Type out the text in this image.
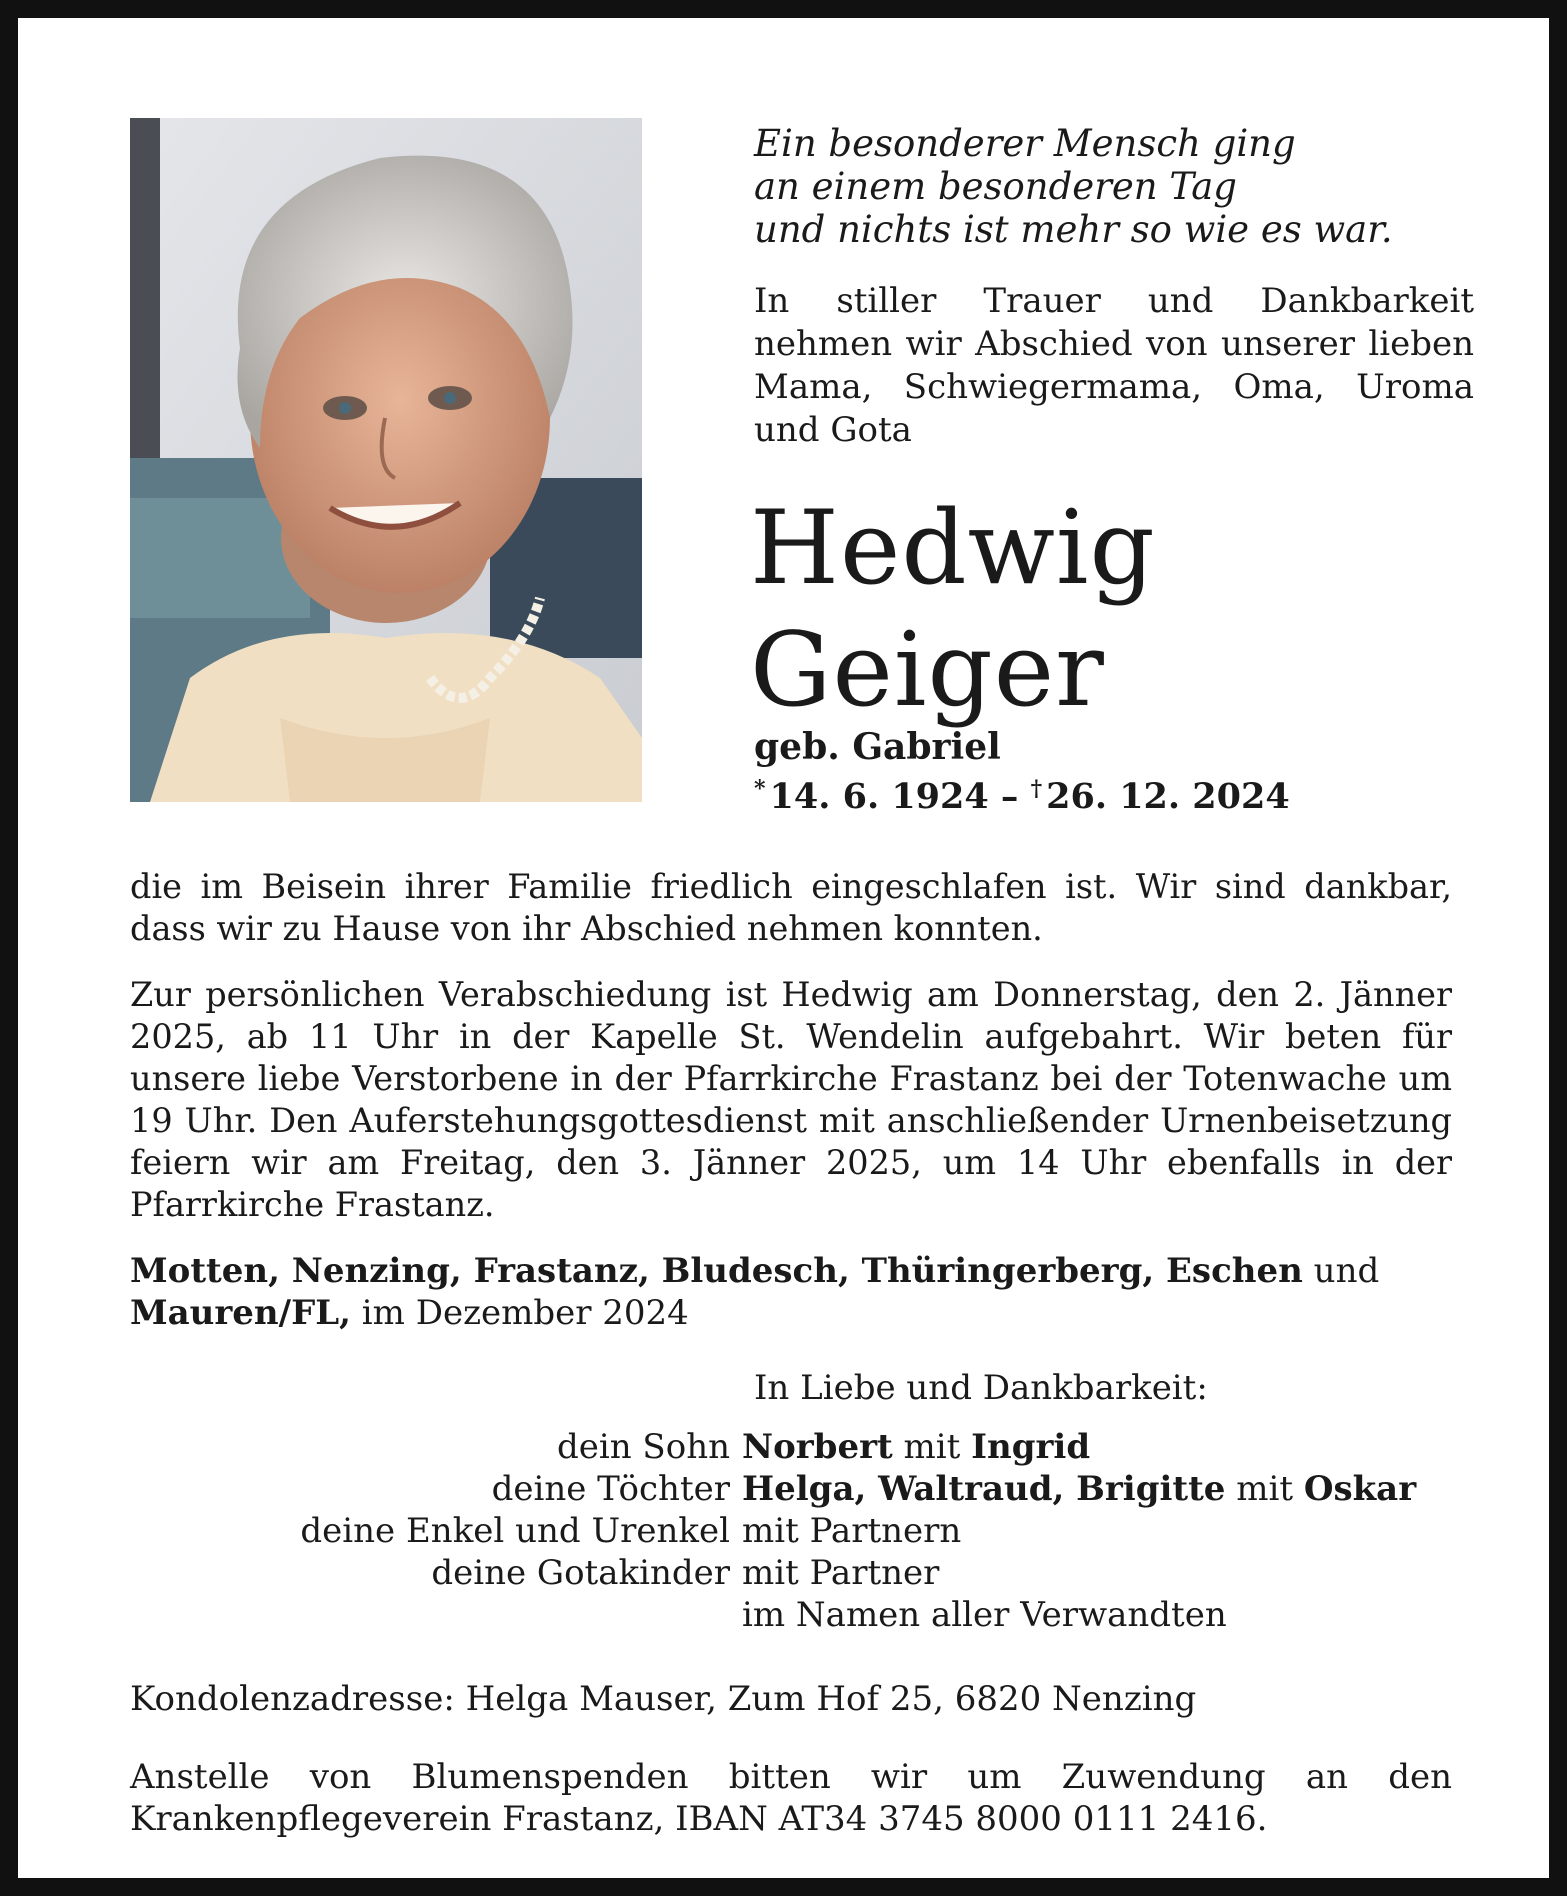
Ein besonderer Mensch ging
an einem besonderen Tag
und nichts ist mehr so wie es war.

In stiller Trauer und Dankbarkeit nehmen wir Abschied von unserer lieben Mama, Schwiegermama, Oma, Uroma und Gota

Hedwig
Geiger
geb. Gabriel
* 14. 6. 1924 – † 26. 12. 2024

die im Beisein ihrer Familie friedlich eingeschlafen ist. Wir sind dankbar, dass wir zu Hause von ihr Abschied nehmen konnten.

Zur persönlichen Verabschiedung ist Hedwig am Donnerstag, den 2. Jänner 2025, ab 11 Uhr in der Kapelle St. Wendelin aufgebahrt. Wir beten für unsere liebe Verstorbene in der Pfarrkirche Frastanz bei der Totenwache um 19 Uhr. Den Auferstehungsgottesdienst mit anschließender Urnenbeisetzung feiern wir am Freitag, den 3. Jänner 2025, um 14 Uhr ebenfalls in der Pfarrkirche Frastanz.

Motten, Nenzing, Frastanz, Bludesch, Thüringerberg, Eschen und Mauren/FL, im Dezember 2024
In Liebe und Dankbarkeit:
dein Sohn Norbert mit Ingrid
deine Töchter Helga, Waltraud, Brigitte mit Oskar
deine Enkel und Urenkel mit Partnern
deine Gotakinder mit Partner
im Namen aller Verwandten
Kondolenzadresse: Helga Mauser, Zum Hof 25, 6820 Nenzing
Anstelle von Blumenspenden bitten wir um Zuwendung an den Krankenpflegeverein Frastanz, IBAN AT34 3745 8000 0111 2416.
